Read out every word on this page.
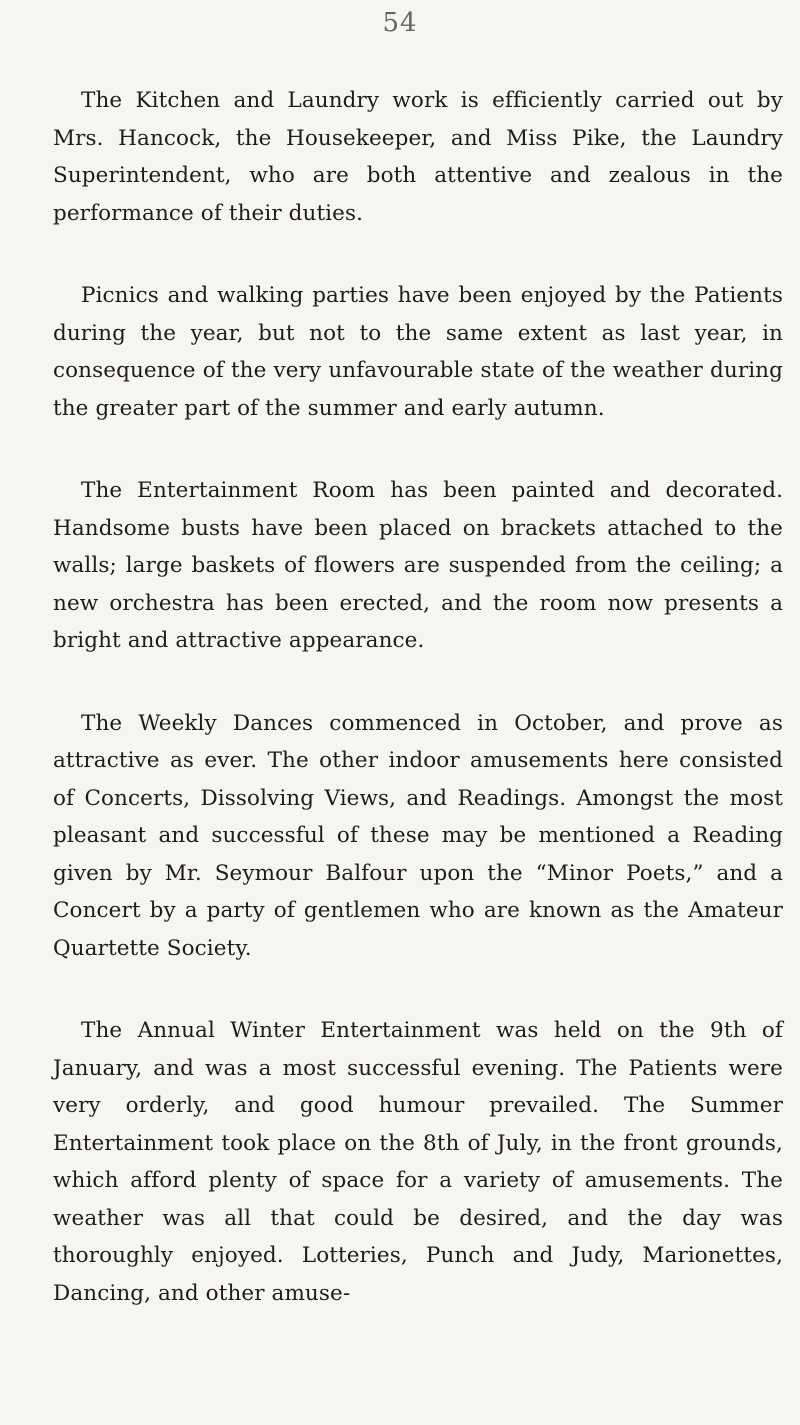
54

The Kitchen and Laundry work is efficiently carried out by Mrs. Hancock, the Housekeeper, and Miss Pike, the Laundry Superintendent, who are both attentive and zealous in the performance of their duties.

Picnics and walking parties have been enjoyed by the Patients during the year, but not to the same extent as last year, in consequence of the very unfavourable state of the weather during the greater part of the summer and early autumn.

The Entertainment Room has been painted and decorated. Handsome busts have been placed on brackets attached to the walls; large baskets of flowers are suspended from the ceiling; a new orchestra has been erected, and the room now presents a bright and attractive appearance.

The Weekly Dances commenced in October, and prove as attractive as ever. The other indoor amusements here consisted of Concerts, Dissolving Views, and Readings. Amongst the most pleasant and successful of these may be mentioned a Reading given by Mr. Seymour Balfour upon the “Minor Poets,” and a Concert by a party of gentlemen who are known as the Amateur Quartette Society.

The Annual Winter Entertainment was held on the 9th of January, and was a most successful evening. The Patients were very orderly, and good humour prevailed. The Summer Entertainment took place on the 8th of July, in the front grounds, which afford plenty of space for a variety of amusements. The weather was all that could be desired, and the day was thoroughly enjoyed. Lotteries, Punch and Judy, Marionettes, Dancing, and other amuse-
